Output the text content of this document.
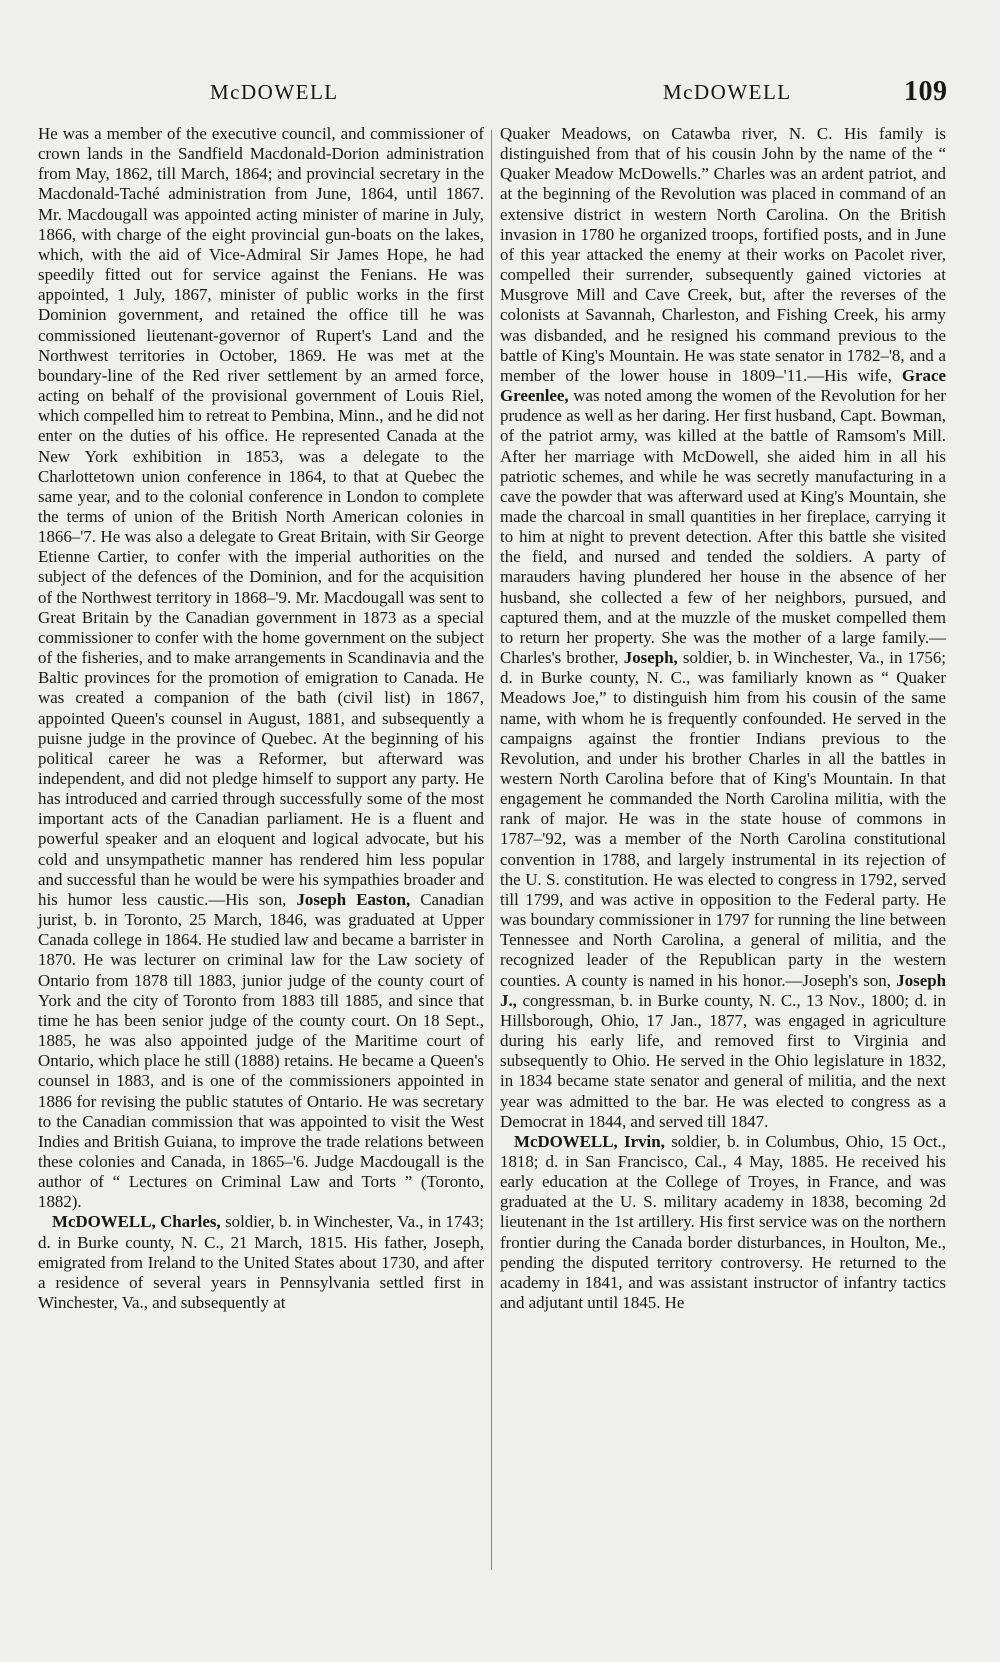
McDOWELL	McDOWELL	109

He was a member of the executive council, and commissioner of crown lands in the Sandfield Macdonald-Dorion administration from May, 1862, till March, 1864; and provincial secretary in the Macdonald-Taché administration from June, 1864, until 1867. Mr. Macdougall was appointed acting minister of marine in July, 1866, with charge of the eight provincial gun-boats on the lakes, which, with the aid of Vice-Admiral Sir James Hope, he had speedily fitted out for service against the Fenians. He was appointed, 1 July, 1867, minister of public works in the first Dominion government, and retained the office till he was commissioned lieutenant-governor of Rupert's Land and the Northwest territories in October, 1869. He was met at the boundary-line of the Red river settlement by an armed force, acting on behalf of the provisional government of Louis Riel, which compelled him to retreat to Pembina, Minn., and he did not enter on the duties of his office. He represented Canada at the New York exhibition in 1853, was a delegate to the Charlottetown union conference in 1864, to that at Quebec the same year, and to the colonial conference in London to complete the terms of union of the British North American colonies in 1866–'7. He was also a delegate to Great Britain, with Sir George Etienne Cartier, to confer with the imperial authorities on the subject of the defences of the Dominion, and for the acquisition of the Northwest territory in 1868–'9. Mr. Macdougall was sent to Great Britain by the Canadian government in 1873 as a special commissioner to confer with the home government on the subject of the fisheries, and to make arrangements in Scandinavia and the Baltic provinces for the promotion of emigration to Canada. He was created a companion of the bath (civil list) in 1867, appointed Queen's counsel in August, 1881, and subsequently a puisne judge in the province of Quebec. At the beginning of his political career he was a Reformer, but afterward was independent, and did not pledge himself to support any party. He has introduced and carried through successfully some of the most important acts of the Canadian parliament. He is a fluent and powerful speaker and an eloquent and logical advocate, but his cold and unsympathetic manner has rendered him less popular and successful than he would be were his sympathies broader and his humor less caustic.—His son, Joseph Easton, Canadian jurist, b. in Toronto, 25 March, 1846, was graduated at Upper Canada college in 1864. He studied law and became a barrister in 1870. He was lecturer on criminal law for the Law society of Ontario from 1878 till 1883, junior judge of the county court of York and the city of Toronto from 1883 till 1885, and since that time he has been senior judge of the county court. On 18 Sept., 1885, he was also appointed judge of the Maritime court of Ontario, which place he still (1888) retains. He became a Queen's counsel in 1883, and is one of the commissioners appointed in 1886 for revising the public statutes of Ontario. He was secretary to the Canadian commission that was appointed to visit the West Indies and British Guiana, to improve the trade relations between these colonies and Canada, in 1865–'6. Judge Macdougall is the author of “ Lectures on Criminal Law and Torts ” (Toronto, 1882).

McDOWELL, Charles, soldier, b. in Winchester, Va., in 1743; d. in Burke county, N. C., 21 March, 1815. His father, Joseph, emigrated from Ireland to the United States about 1730, and after a residence of several years in Pennsylvania settled first in Winchester, Va., and subsequently at

Quaker Meadows, on Catawba river, N. C. His family is distinguished from that of his cousin John by the name of the “ Quaker Meadow McDowells.” Charles was an ardent patriot, and at the beginning of the Revolution was placed in command of an extensive district in western North Carolina. On the British invasion in 1780 he organized troops, fortified posts, and in June of this year attacked the enemy at their works on Pacolet river, compelled their surrender, subsequently gained victories at Musgrove Mill and Cave Creek, but, after the reverses of the colonists at Savannah, Charleston, and Fishing Creek, his army was disbanded, and he resigned his command previous to the battle of King's Mountain. He was state senator in 1782–'8, and a member of the lower house in 1809–'11.—His wife, Grace Greenlee, was noted among the women of the Revolution for her prudence as well as her daring. Her first husband, Capt. Bowman, of the patriot army, was killed at the battle of Ramsom's Mill. After her marriage with McDowell, she aided him in all his patriotic schemes, and while he was secretly manufacturing in a cave the powder that was afterward used at King's Mountain, she made the charcoal in small quantities in her fireplace, carrying it to him at night to prevent detection. After this battle she visited the field, and nursed and tended the soldiers. A party of marauders having plundered her house in the absence of her husband, she collected a few of her neighbors, pursued, and captured them, and at the muzzle of the musket compelled them to return her property. She was the mother of a large family.—Charles's brother, Joseph, soldier, b. in Winchester, Va., in 1756; d. in Burke county, N. C., was familiarly known as “ Quaker Meadows Joe,” to distinguish him from his cousin of the same name, with whom he is frequently confounded. He served in the campaigns against the frontier Indians previous to the Revolution, and under his brother Charles in all the battles in western North Carolina before that of King's Mountain. In that engagement he commanded the North Carolina militia, with the rank of major. He was in the state house of commons in 1787–'92, was a member of the North Carolina constitutional convention in 1788, and largely instrumental in its rejection of the U. S. constitution. He was elected to congress in 1792, served till 1799, and was active in opposition to the Federal party. He was boundary commissioner in 1797 for running the line between Tennessee and North Carolina, a general of militia, and the recognized leader of the Republican party in the western counties. A county is named in his honor.—Joseph's son, Joseph J., congressman, b. in Burke county, N. C., 13 Nov., 1800; d. in Hillsborough, Ohio, 17 Jan., 1877, was engaged in agriculture during his early life, and removed first to Virginia and subsequently to Ohio. He served in the Ohio legislature in 1832, in 1834 became state senator and general of militia, and the next year was admitted to the bar. He was elected to congress as a Democrat in 1844, and served till 1847.

McDOWELL, Irvin, soldier, b. in Columbus, Ohio, 15 Oct., 1818; d. in San Francisco, Cal., 4 May, 1885. He received his early education at the College of Troyes, in France, and was graduated at the U. S. military academy in 1838, becoming 2d lieutenant in the 1st artillery. His first service was on the northern frontier during the Canada border disturbances, in Houlton, Me., pending the disputed territory controversy. He returned to the academy in 1841, and was assistant instructor of infantry tactics and adjutant until 1845. He
